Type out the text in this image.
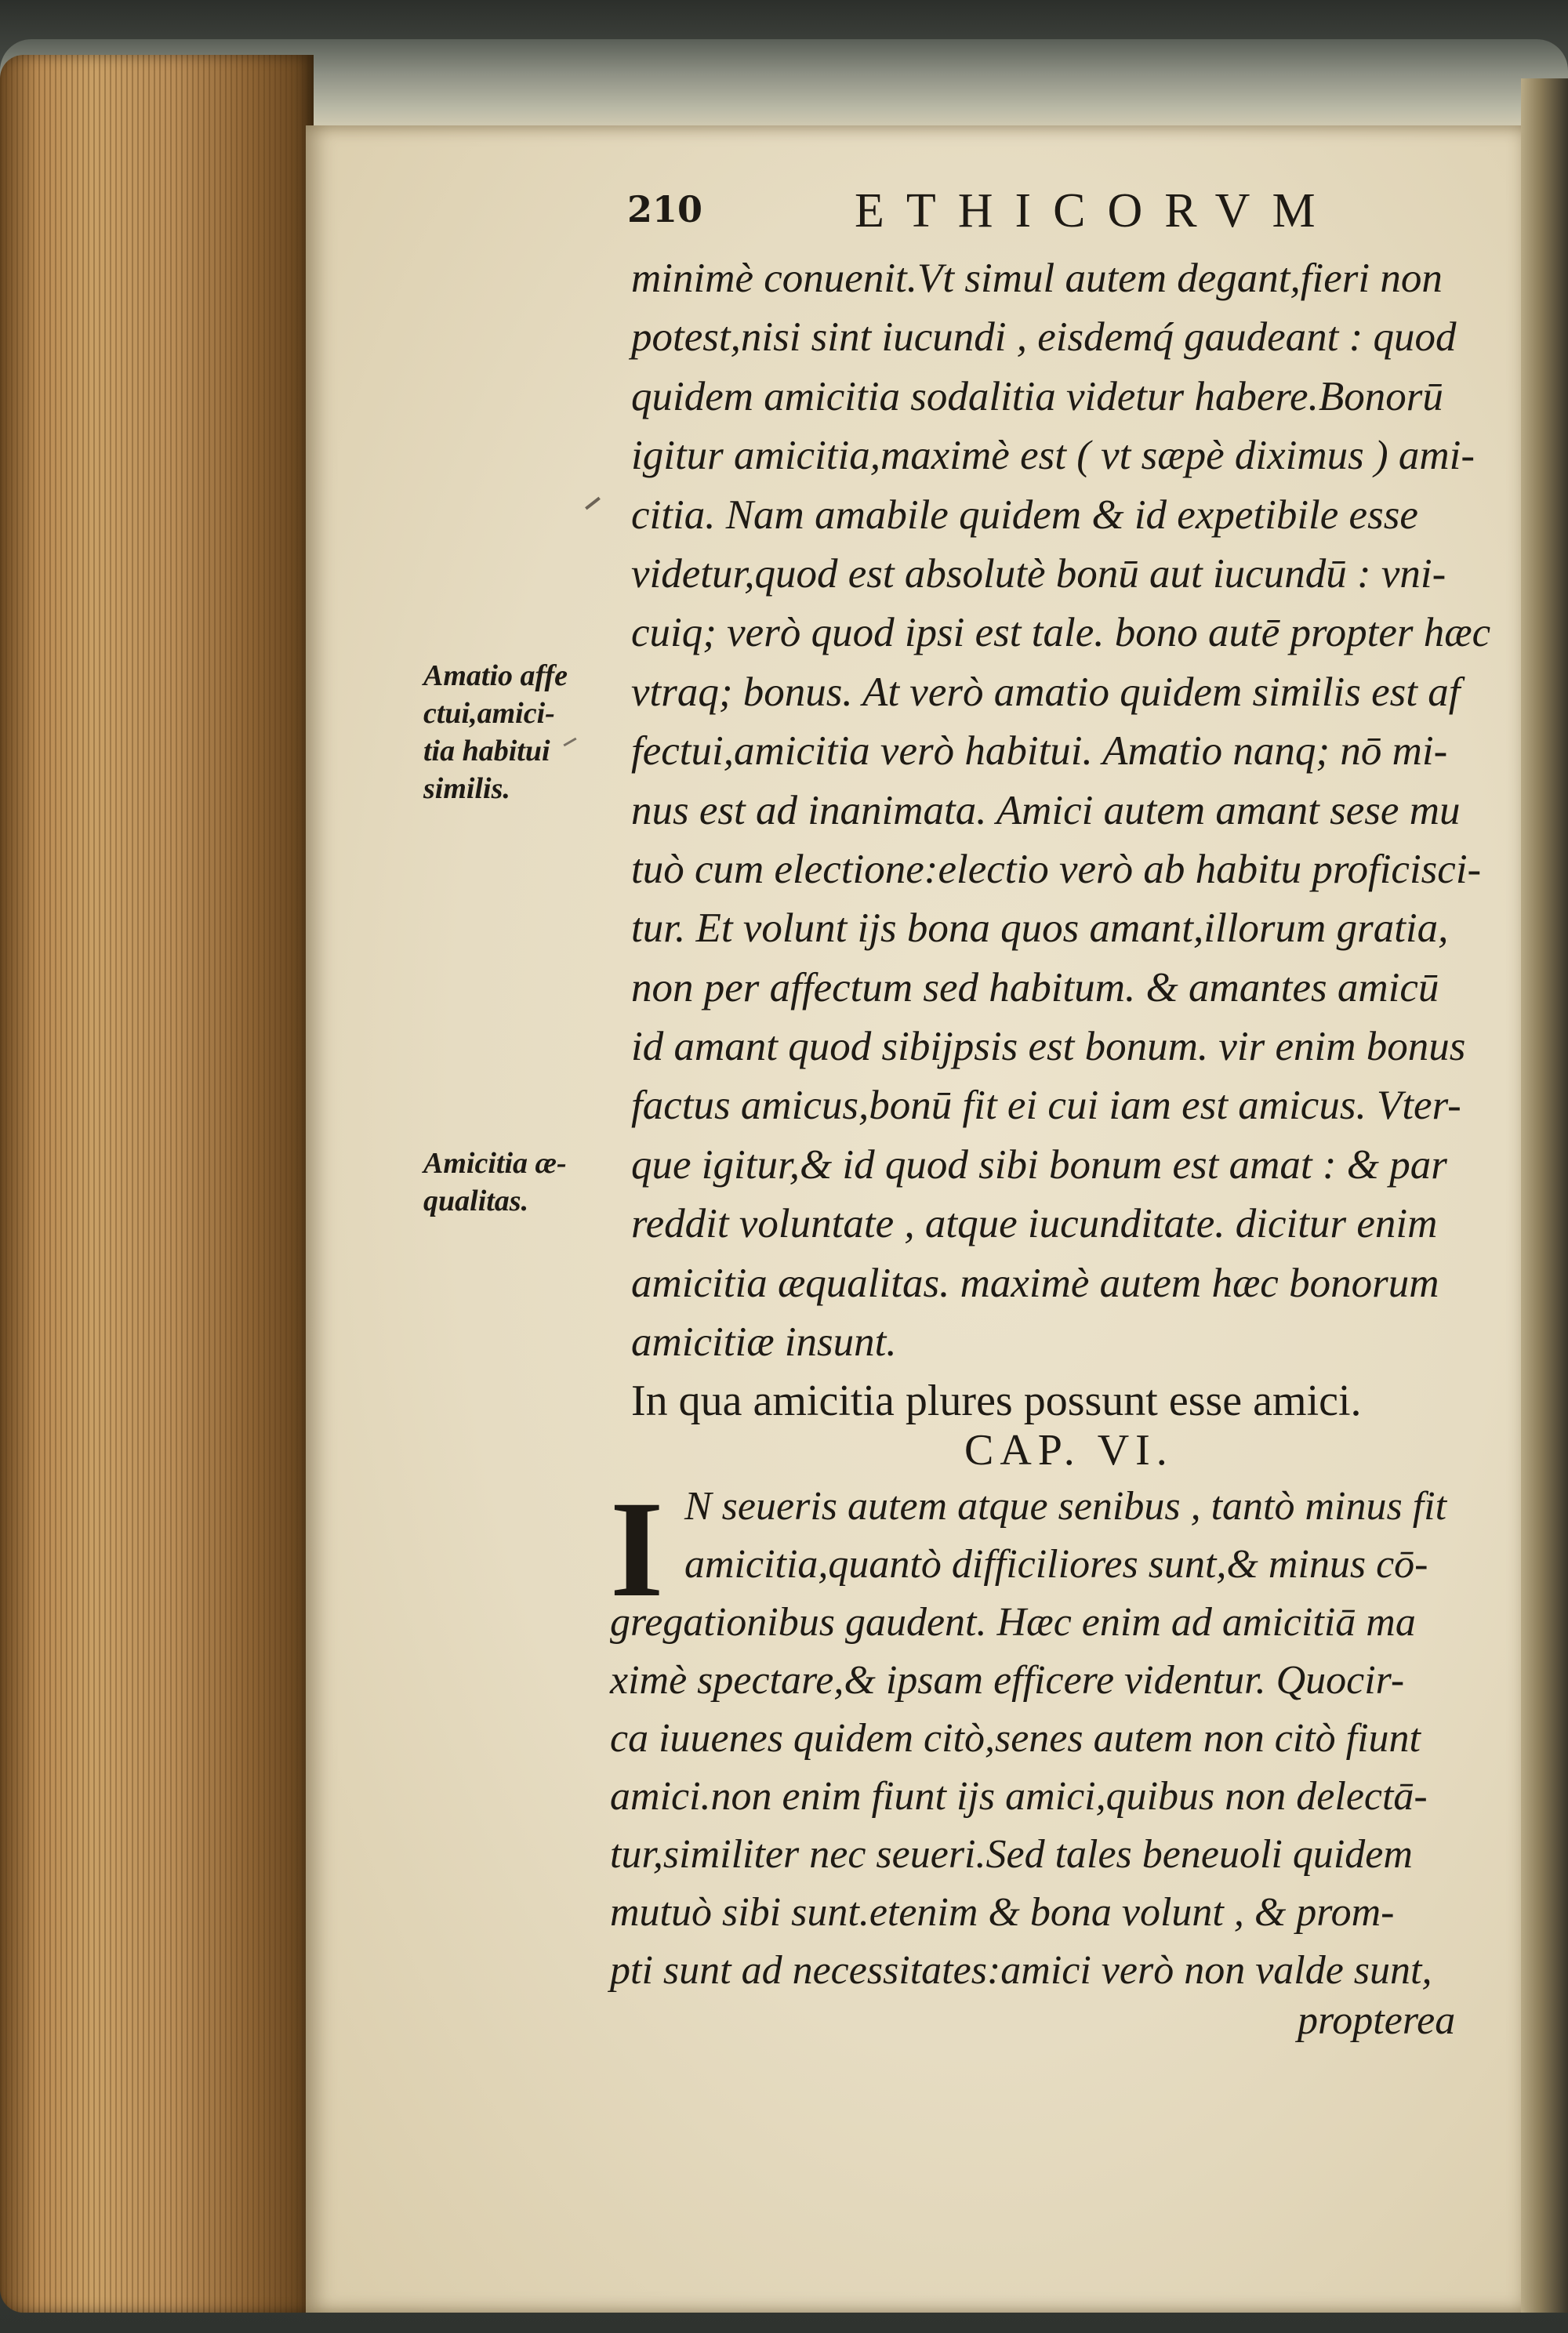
210	ETHICORVM
Amatio affe
ctui,amici-
tia habitui
similis.
Amicitia æ-
qualitas.
minimè conuenit.Vt simul autem degant,fieri non
potest,nisi sint iucundi , eisdemq́ gaudeant : quod
quidem amicitia sodalitia videtur habere.Bonorū
igitur amicitia,maximè est ( vt sæpè diximus ) ami-
citia. Nam amabile quidem & id expetibile esse
videtur,quod est absolutè bonū aut iucundū : vni-
cuiq; verò quod ipsi est tale. bono autē propter hæc
vtraq; bonus. At verò amatio quidem similis est af
fectui,amicitia verò habitui. Amatio nanq; nō mi-
nus est ad inanimata. Amici autem amant sese mu
tuò cum electione:electio verò ab habitu proficisci-
tur. Et volunt ijs bona quos amant,illorum gratia,
non per affectum sed habitum. & amantes amicū
id amant quod sibijpsis est bonum. vir enim bonus
factus amicus,bonū fit ei cui iam est amicus. Vter-
que igitur,& id quod sibi bonum est amat : & par
reddit voluntate , atque iucunditate. dicitur enim
amicitia æqualitas. maximè autem hæc bonorum
amicitiæ insunt.
In qua amicitia plures possunt esse amici.
CAP. VI.
I N seueris autem atque senibus , tantò minus fit
amicitia,quantò difficiliores sunt,& minus cō-
gregationibus gaudent. Hæc enim ad amicitiā ma
ximè spectare,& ipsam efficere videntur. Quocir-
ca iuuenes quidem citò,senes autem non citò fiunt
amici.non enim fiunt ijs amici,quibus non delectā-
tur,similiter nec seueri.Sed tales beneuoli quidem
mutuò sibi sunt.etenim & bona volunt , & prom-
pti sunt ad necessitates:amici verò non valde sunt,
propterea
